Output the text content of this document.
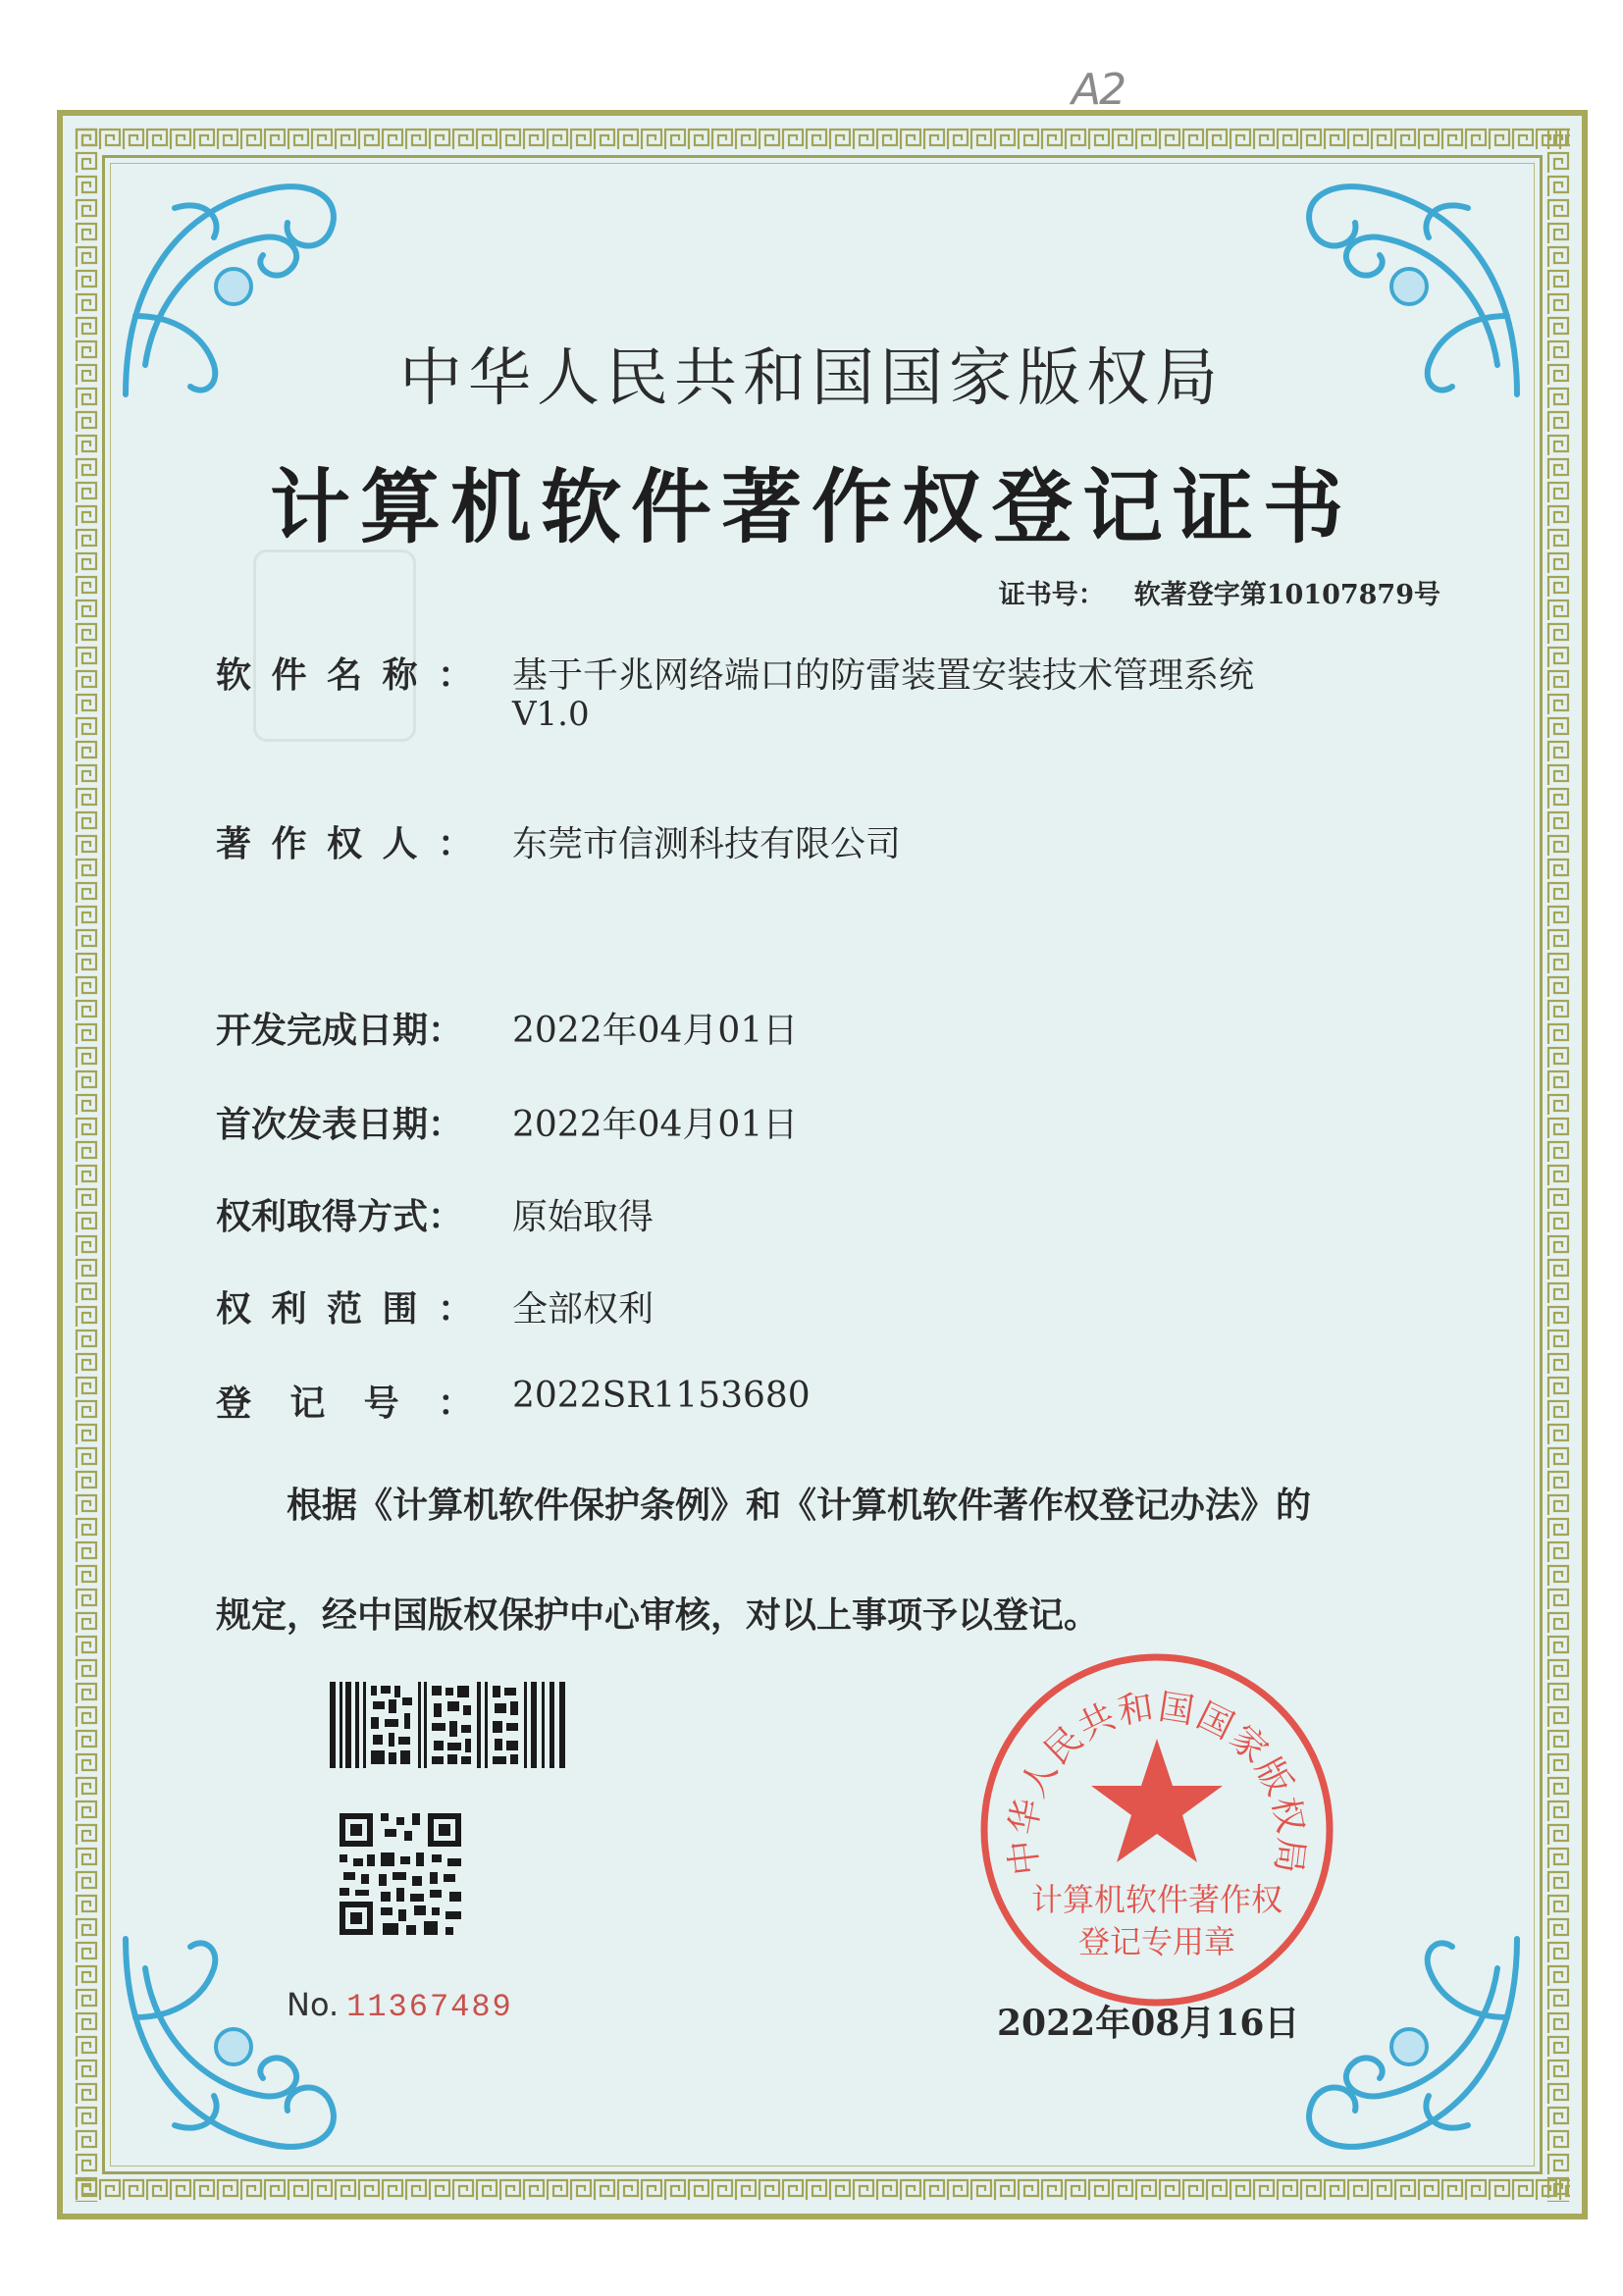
A2
中华人民共和国国家版权局
计算机软件著作权登记证书
证书号： 软著登字第10107879号
软件名称： 基于千兆网络端口的防雷装置安装技术管理系统
V1.0
著作权人： 东莞市信测科技有限公司
开发完成日期： 2022年04月01日
首次发表日期： 2022年04月01日
权利取得方式： 原始取得
权利范围： 全部权利
登记号： 2022SR1153680
根据《计算机软件保护条例》和《计算机软件著作权登记办法》的
规定，经中国版权保护中心审核，对以上事项予以登记。
No. 11367489
中华人民共和国国家版权局
计算机软件著作权
登记专用章
2022年08月16日
